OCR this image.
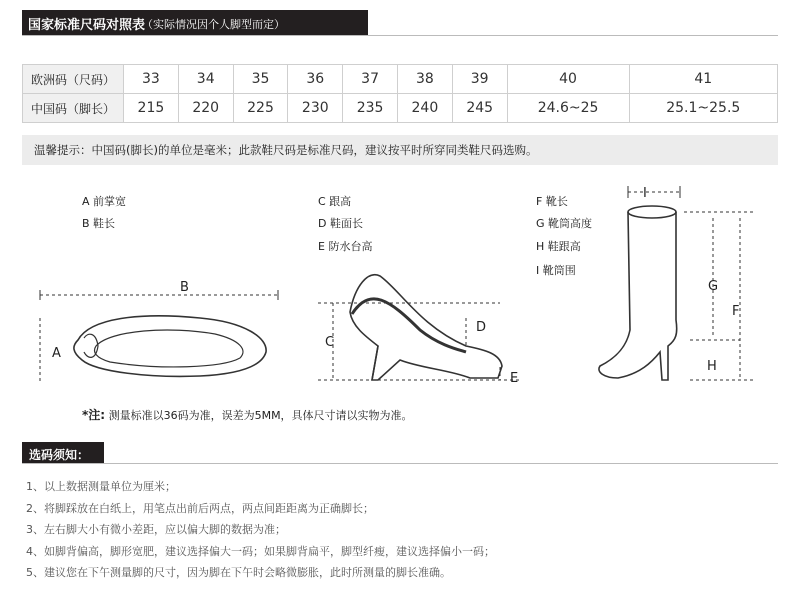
国家标准尺码对照表
（实际情况因个人脚型而定）
欧洲码（尺码）	33	34	35	36	37	38	39	40	41
中国码（脚长）	215	220	225	230	235	240	245	24.6~25	25.1~25.5
温馨提示：中国码(脚长)的单位是毫米；此款鞋尺码是标准尺码，建议按平时所穿同类鞋尺码选购。
A 前掌宽
B 鞋长
C 跟高
D 鞋面长
E 防水台高
F 靴长
G 靴筒高度
H 鞋跟高
I 靴筒围
B
A
C
D
E
I
G
F
H
*注: 测量标准以36码为准，误差为5MM，具体尺寸请以实物为准。
选码须知：
1、以上数据测量单位为厘米；
2、将脚踩放在白纸上，用笔点出前后两点，两点间距距离为正确脚长；
3、左右脚大小有微小差距，应以偏大脚的数据为准；
4、如脚背偏高，脚形宽肥，建议选择偏大一码；如果脚背扁平，脚型纤瘦，建议选择偏小一码；
5、建议您在下午测量脚的尺寸，因为脚在下午时会略微膨胀，此时所测量的脚长准确。
